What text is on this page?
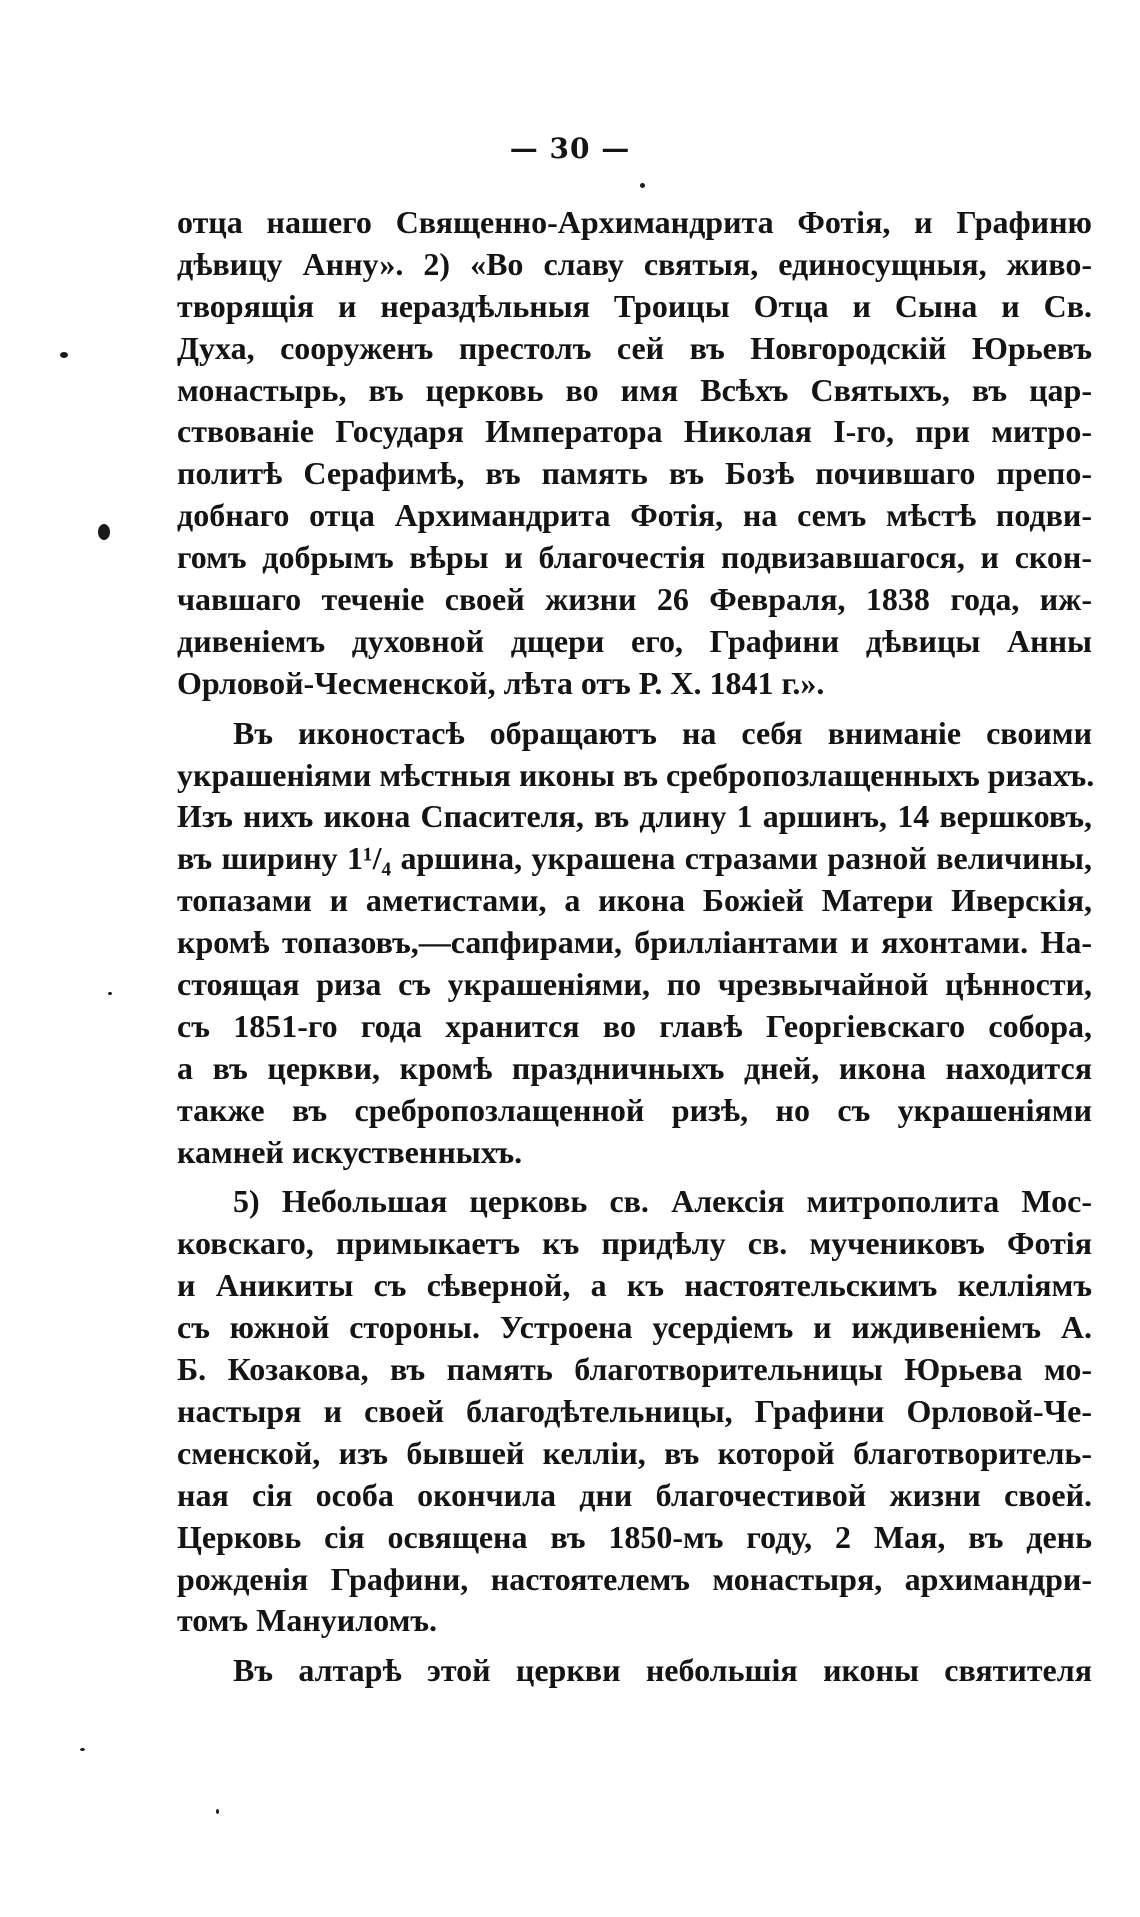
— 30 —
отца нашего Священно-Архимандрита Фотія, и Графиню
дѣвицу Анну». 2) «Во славу святыя, единосущныя, живо-
творящія и нераздѣльныя Троицы Отца и Сына и Св.
Духа, сооруженъ престолъ сей въ Новгородскій Юрьевъ
монастырь, въ церковь во имя Всѣхъ Святыхъ, въ цар-
ствованіе Государя Императора Николая I-го, при митро-
политѣ Серафимѣ, въ память въ Бозѣ почившаго препо-
добнаго отца Архимандрита Фотія, на семъ мѣстѣ подви-
гомъ добрымъ вѣры и благочестія подвизавшагося, и скон-
чавшаго теченіе своей жизни 26 Февраля, 1838 года, иж-
дивеніемъ духовной дщери его, Графини дѣвицы Анны
Орловой-Чесменской, лѣта отъ Р. Х. 1841 г.».
Въ иконостасѣ обращаютъ на себя вниманіе своими
украшеніями мѣстныя иконы въ сребропозлащенныхъ ризахъ.
Изъ нихъ икона Спасителя, въ длину 1 аршинъ, 14 вершковъ,
въ ширину 1¹/₄ аршина, украшена стразами разной величины,
топазами и аметистами, а икона Божіей Матери Иверскія,
кромѣ топазовъ,—сапфирами, бриллiантами и яхонтами. На-
стоящая риза съ украшеніями, по чрезвычайной цѣнности,
съ 1851-го года хранится во главѣ Георгіевскаго собора,
а въ церкви, кромѣ праздничныхъ дней, икона находится
также въ сребропозлащенной ризѣ, но съ украшеніями
камней искуственныхъ.
5) Небольшая церковь св. Алексія митрополита Мос-
ковскаго, примыкаетъ къ придѣлу св. мучениковъ Фотія
и Аникиты съ сѣверной, а къ настоятельскимъ келліямъ
съ южной стороны. Устроена усердіемъ и иждивеніемъ А.
Б. Козакова, въ память благотворительницы Юрьева мо-
настыря и своей благодѣтельницы, Графини Орловой-Че-
сменской, изъ бывшей келліи, въ которой благотворитель-
ная сія особа окончила дни благочестивой жизни своей.
Церковь сія освящена въ 1850-мъ году, 2 Мая, въ день
рожденія Графини, настоятелемъ монастыря, архимандри-
томъ Мануиломъ.
Въ алтарѣ этой церкви небольшія иконы святителя
